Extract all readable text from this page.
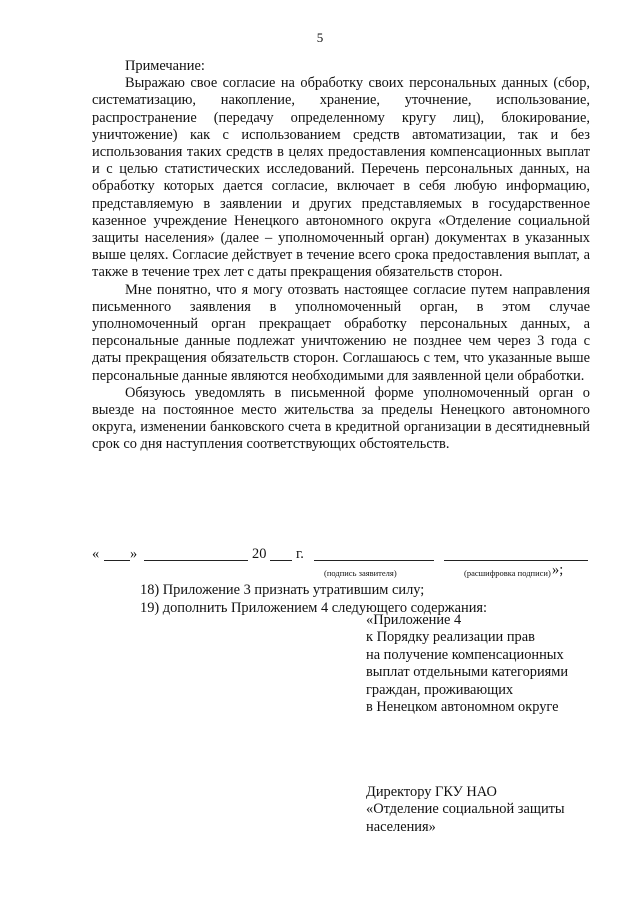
5

Примечание:

Выражаю свое согласие на обработку своих персональных данных (сбор, систематизацию, накопление, хранение, уточнение, использование, распространение (передачу определенному кругу лиц), блокирование, уничтожение) как с использованием средств автоматизации, так и без использования таких средств в целях предоставления компенсационных выплат и с целью статистических исследований. Перечень персональных данных, на обработку которых дается согласие, включает в себя любую информацию, представляемую в заявлении и других представляемых в государственное казенное учреждение Ненецкого автономного округа «Отделение социальной защиты населения» (далее – уполномоченный орган) документах в указанных выше целях. Согласие действует в течение всего срока предоставления выплат, а также в течение трех лет с даты прекращения обязательств сторон.

Мне понятно, что я могу отозвать настоящее согласие путем направления письменного заявления в уполномоченный орган, в этом случае уполномоченный орган прекращает обработку персональных данных, а персональные данные подлежат уничтожению не позднее чем через 3 года с даты прекращения обязательств сторон. Соглашаюсь с тем, что указанные выше персональные данные являются необходимыми для заявленной цели обработки.

Обязуюсь уведомлять в письменной форме уполномоченный орган о выезде на постоянное место жительства за пределы Ненецкого автономного округа, изменении банковского счета в кредитной организации в десятидневный срок со дня наступления соответствующих обстоятельств.

« »	20 г.
(подпись заявителя)	(расшифровка подписи) »;
18) Приложение 3 признать утратившим силу;
19) дополнить Приложением 4 следующего содержания:
«Приложение 4
к Порядку реализации прав
на получение компенсационных
выплат отдельными категориями
граждан, проживающих
в Ненецком автономном округе
Директору ГКУ НАО
«Отделение социальной защиты
населения»
